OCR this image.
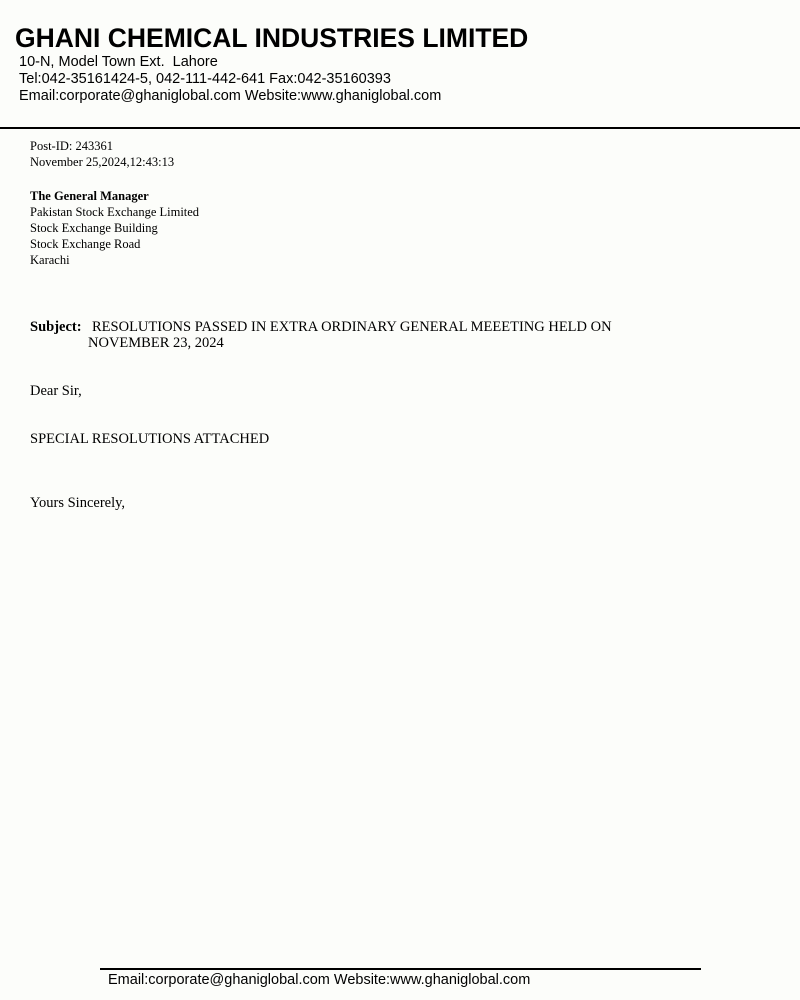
GHANI CHEMICAL INDUSTRIES LIMITED
10-N, Model Town Ext.  Lahore
Tel:042-35161424-5, 042-111-442-641 Fax:042-35160393
Email:corporate@ghaniglobal.com Website:www.ghaniglobal.com
Post-ID: 243361
November 25,2024,12:43:13
The General Manager
Pakistan Stock Exchange Limited
Stock Exchange Building
Stock Exchange Road
Karachi
Subject: RESOLUTIONS PASSED IN EXTRA ORDINARY GENERAL MEEETING HELD ON
NOVEMBER 23, 2024
Dear Sir,
SPECIAL RESOLUTIONS ATTACHED
Yours Sincerely,
Email:corporate@ghaniglobal.com Website:www.ghaniglobal.com
